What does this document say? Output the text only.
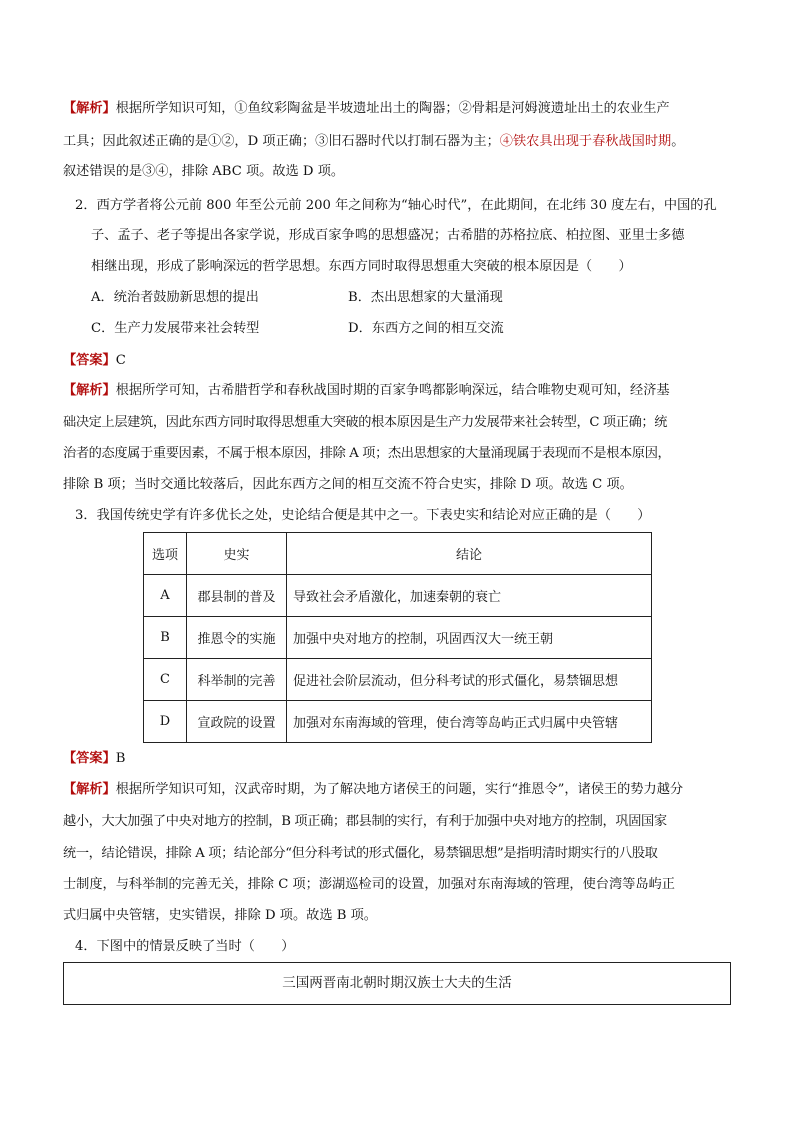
【解析】根据所学知识可知，①鱼纹彩陶盆是半坡遗址出土的陶器；②骨耜是河姆渡遗址出土的农业生产

工具；因此叙述正确的是①②，D 项正确；③旧石器时代以打制石器为主；④铁农具出现于春秋战国时期。

叙述错误的是③④，排除 ABC 项。故选 D 项。

2．西方学者将公元前 800 年至公元前 200 年之间称为“轴心时代”，在此期间，在北纬 30 度左右，中国的孔

子、孟子、老子等提出各家学说，形成百家争鸣的思想盛况；古希腊的苏格拉底、柏拉图、亚里士多德

相继出现，形成了影响深远的哲学思想。东西方同时取得思想重大突破的根本原因是（　　）

A．统治者鼓励新思想的提出	B．杰出思想家的大量涌现
C．生产力发展带来社会转型	D．东西方之间的相互交流

【答案】C

【解析】根据所学可知，古希腊哲学和春秋战国时期的百家争鸣都影响深远，结合唯物史观可知，经济基

础决定上层建筑，因此东西方同时取得思想重大突破的根本原因是生产力发展带来社会转型，C 项正确；统

治者的态度属于重要因素，不属于根本原因，排除 A 项；杰出思想家的大量涌现属于表现而不是根本原因，

排除 B 项；当时交通比较落后，因此东西方之间的相互交流不符合史实，排除 D 项。故选 C 项。

3．我国传统史学有许多优长之处，史论结合便是其中之一。下表史实和结论对应正确的是（　　）

选项	史实	结论
A	郡县制的普及	导致社会矛盾激化，加速秦朝的衰亡
B	推恩令的实施	加强中央对地方的控制，巩固西汉大一统王朝
C	科举制的完善	促进社会阶层流动，但分科考试的形式僵化，易禁锢思想
D	宣政院的设置	加强对东南海域的管理，使台湾等岛屿正式归属中央管辖

【答案】B

【解析】根据所学知识可知，汉武帝时期，为了解决地方诸侯王的问题，实行“推恩令”，诸侯王的势力越分

越小，大大加强了中央对地方的控制，B 项正确；郡县制的实行，有利于加强中央对地方的控制，巩固国家

统一，结论错误，排除 A 项；结论部分“但分科考试的形式僵化，易禁锢思想”是指明清时期实行的八股取

士制度，与科举制的完善无关，排除 C 项；澎湖巡检司的设置，加强对东南海域的管理，使台湾等岛屿正

式归属中央管辖，史实错误，排除 D 项。故选 B 项。

4．下图中的情景反映了当时（　　）

三国两晋南北朝时期汉族士大夫的生活
